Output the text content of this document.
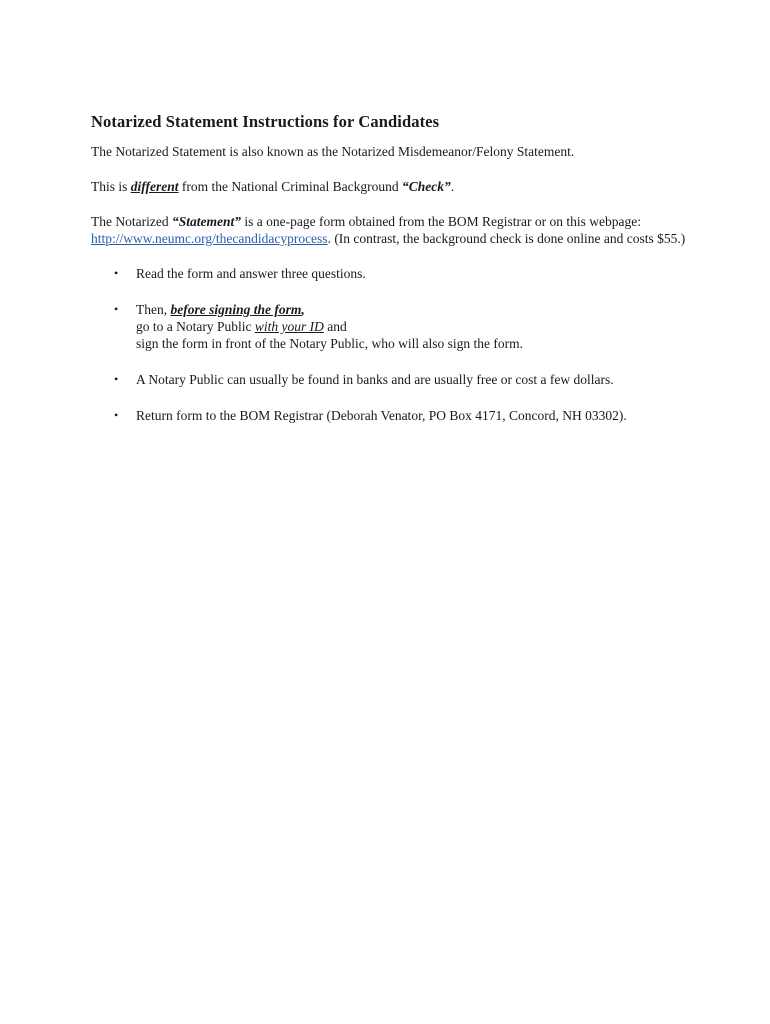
Notarized Statement Instructions for Candidates

The Notarized Statement is also known as the Notarized Misdemeanor/Felony Statement.

This is different from the National Criminal Background “Check”.

The Notarized “Statement” is a one-page form obtained from the BOM Registrar or on this webpage: http://www.neumc.org/thecandidacyprocess. (In contrast, the background check is done online and costs $55.)

• Read the form and answer three questions.
• Then, before signing the form,
go to a Notary Public with your ID and
sign the form in front of the Notary Public, who will also sign the form.
• A Notary Public can usually be found in banks and are usually free or cost a few dollars.
• Return form to the BOM Registrar (Deborah Venator, PO Box 4171, Concord, NH 03302).
